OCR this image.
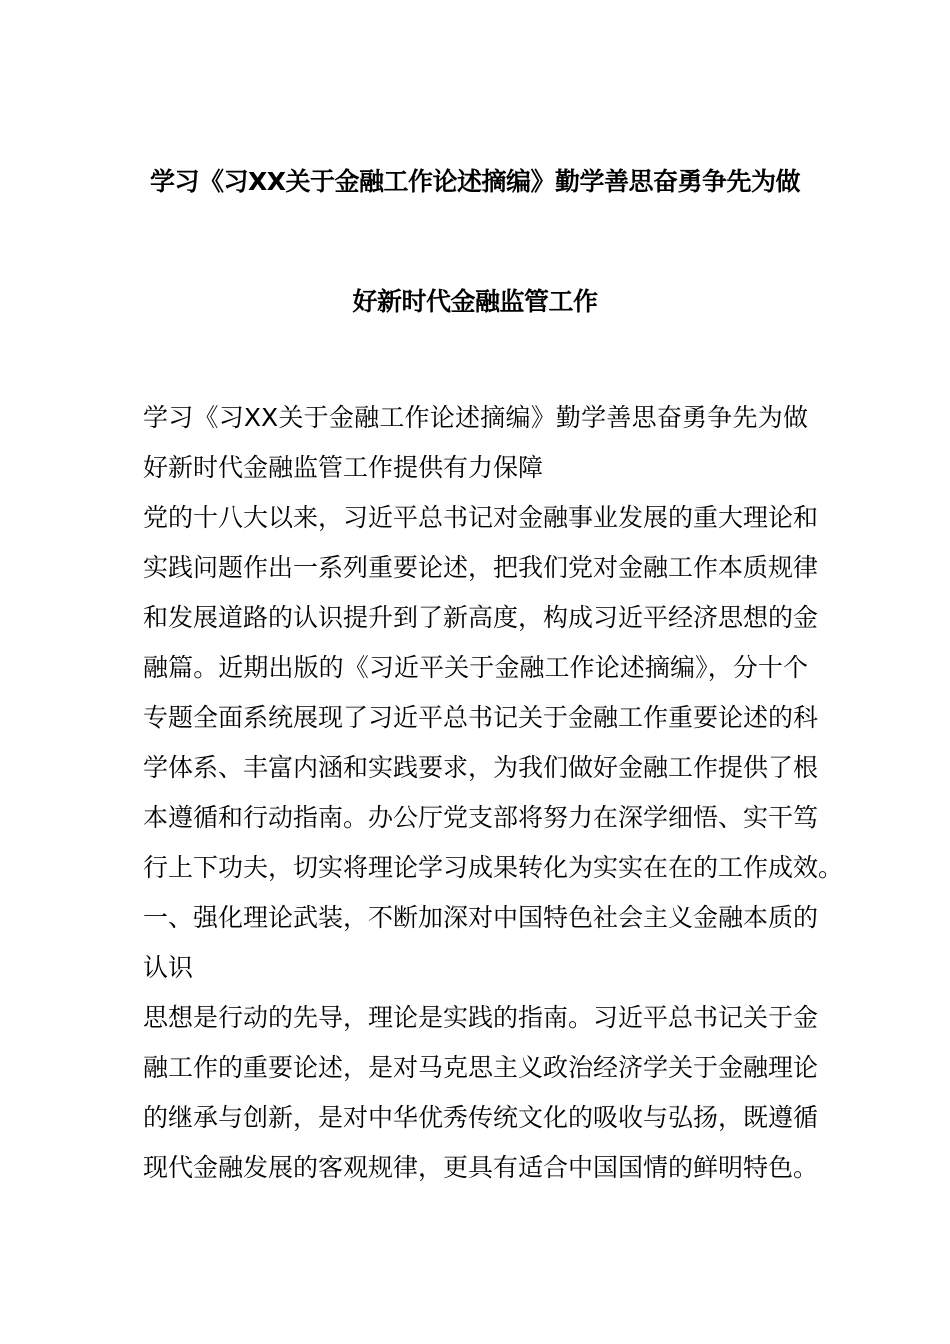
学习《习XX关于金融工作论述摘编》勤学善思奋勇争先为做
好新时代金融监管工作
学习《习XX关于金融工作论述摘编》勤学善思奋勇争先为做
好新时代金融监管工作提供有力保障
党的十八大以来，习近平总书记对金融事业发展的重大理论和
实践问题作出一系列重要论述，把我们党对金融工作本质规律
和发展道路的认识提升到了新高度，构成习近平经济思想的金
融篇。近期出版的《习近平关于金融工作论述摘编》，分十个
专题全面系统展现了习近平总书记关于金融工作重要论述的科
学体系、丰富内涵和实践要求，为我们做好金融工作提供了根
本遵循和行动指南。办公厅党支部将努力在深学细悟、实干笃
行上下功夫，切实将理论学习成果转化为实实在在的工作成效。
一、强化理论武装，不断加深对中国特色社会主义金融本质的
认识
思想是行动的先导，理论是实践的指南。习近平总书记关于金
融工作的重要论述，是对马克思主义政治经济学关于金融理论
的继承与创新，是对中华优秀传统文化的吸收与弘扬，既遵循
现代金融发展的客观规律，更具有适合中国国情的鲜明特色。
